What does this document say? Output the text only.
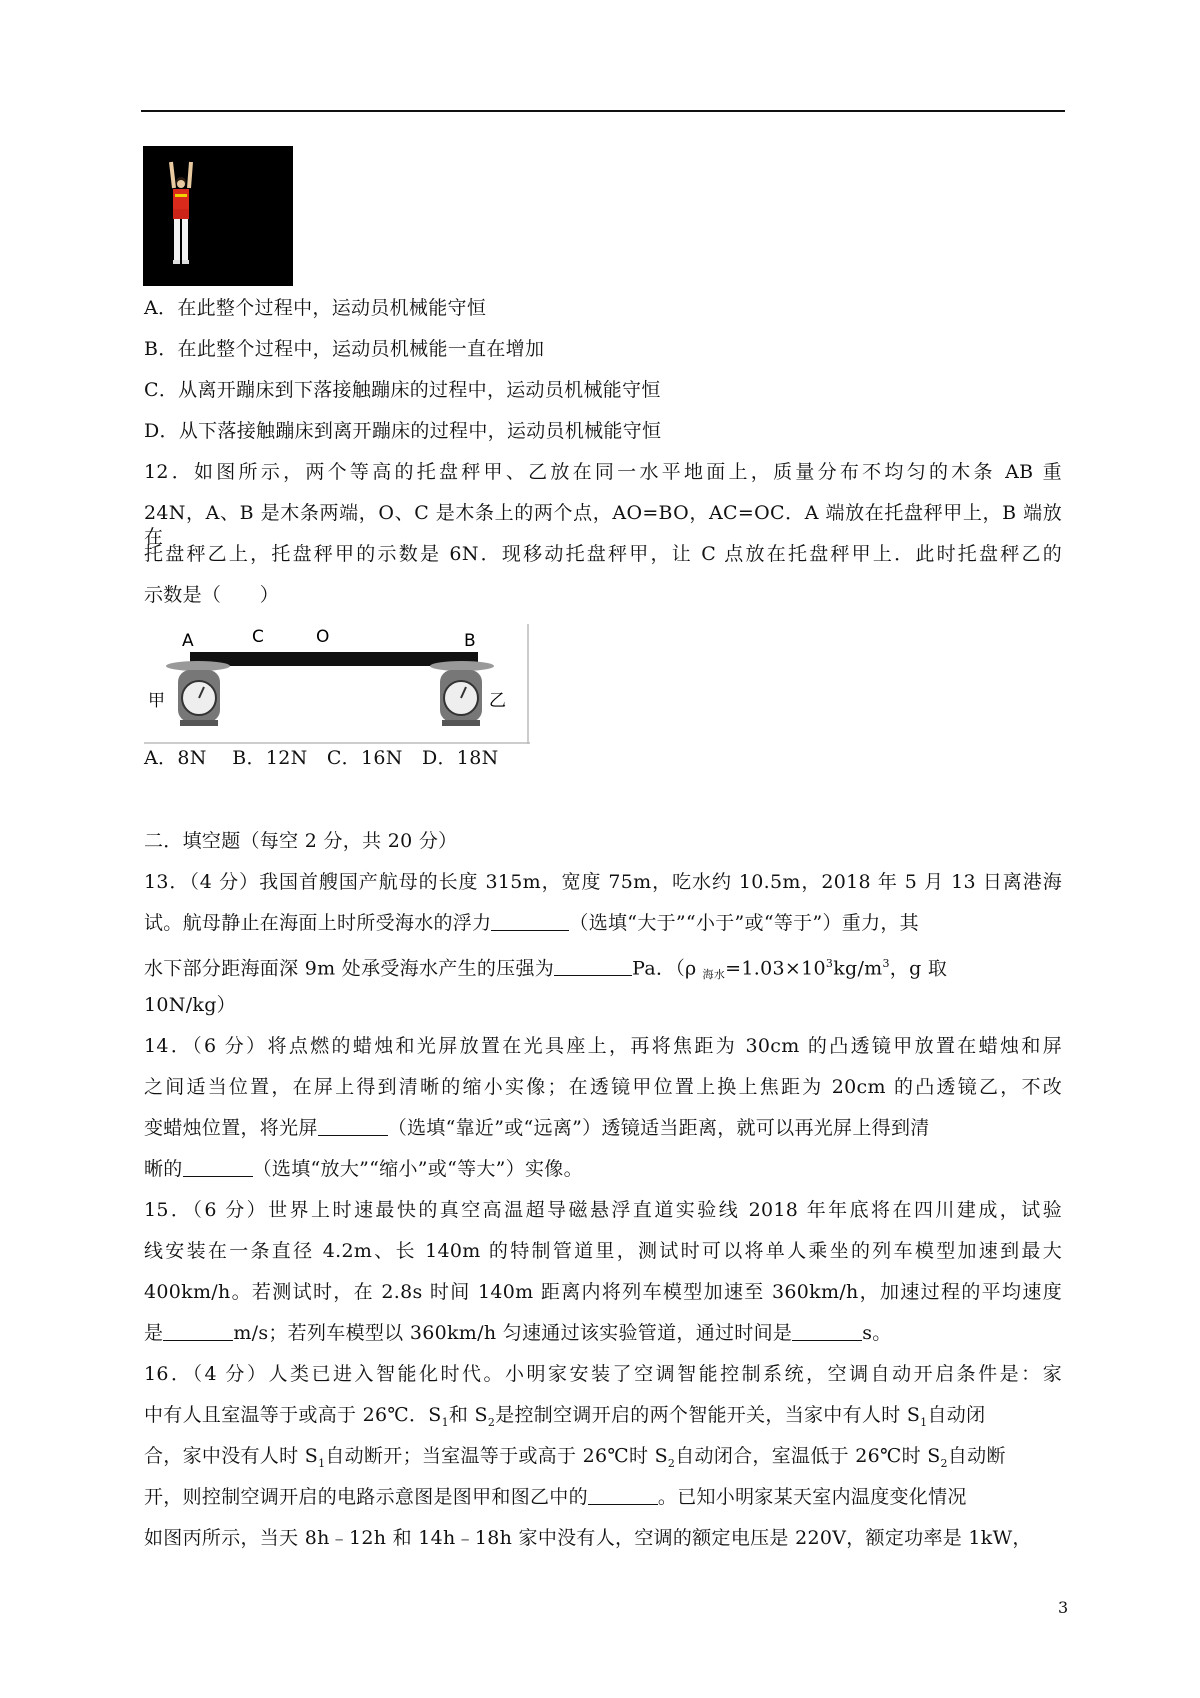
A．在此整个过程中，运动员机械能守恒
B．在此整个过程中，运动员机械能一直在增加
C．从离开蹦床到下落接触蹦床的过程中，运动员机械能守恒
D．从下落接触蹦床到离开蹦床的过程中，运动员机械能守恒
12．如图所示，两个等高的托盘秤甲、乙放在同一水平地面上，质量分布不均匀的木条 AB 重
24N，A、B 是木条两端，O、C 是木条上的两个点，AO=BO，AC=OC．A 端放在托盘秤甲上，B 端放在
托盘秤乙上，托盘秤甲的示数是 6N．现移动托盘秤甲，让 C 点放在托盘秤甲上．此时托盘秤乙的
示数是（　　）
A	C	O	B
甲	乙
A．8N　 B．12N　C．16N　D．18N
二．填空题（每空 2 分，共 20 分）
13．（4 分）我国首艘国产航母的长度 315m，宽度 75m，吃水约 10.5m，2018 年 5 月 13 日离港海
试。航母静止在海面上时所受海水的浮力	（选填“大于”“小于”或“等于”）重力，其
水下部分距海面深 9m 处承受海水产生的压强为	Pa．（ρ $_{海水}=1.03\times 10^3kg/m^3$，g 取
10N/kg）
14．（6 分）将点燃的蜡烛和光屏放置在光具座上，再将焦距为 30cm 的凸透镜甲放置在蜡烛和屏
之间适当位置，在屏上得到清晰的缩小实像；在透镜甲位置上换上焦距为 20cm 的凸透镜乙，不改
变蜡烛位置，将光屏	（选填“靠近”或“远离”）透镜适当距离，就可以再光屏上得到清
晰的	（选填“放大”“缩小”或“等大”）实像。
15．（6 分）世界上时速最快的真空高温超导磁悬浮直道实验线 2018 年年底将在四川建成，试验
线安装在一条直径 4.2m、长 140m 的特制管道里，测试时可以将单人乘坐的列车模型加速到最大
400km/h。若测试时，在 2.8s 时间 140m 距离内将列车模型加速至 360km/h，加速过程的平均速度
是	m/s；若列车模型以 360km/h 匀速通过该实验管道，通过时间是	s。
16．（4 分）人类已进入智能化时代。小明家安装了空调智能控制系统，空调自动开启条件是：家
中有人且室温等于或高于 26℃．$S_1$和 $S_2$是控制空调开启的两个智能开关，当家中有人时 $S_1$自动闭
合，家中没有人时 $S_1$自动断开；当室温等于或高于 26℃时 $S_2$自动闭合，室温低于 26℃时 $S_2$自动断
开，则控制空调开启的电路示意图是图甲和图乙中的	。已知小明家某天室内温度变化情况
如图丙所示，当天 8h﹣12h 和 14h﹣18h 家中没有人，空调的额定电压是 220V，额定功率是 1kW，
3
